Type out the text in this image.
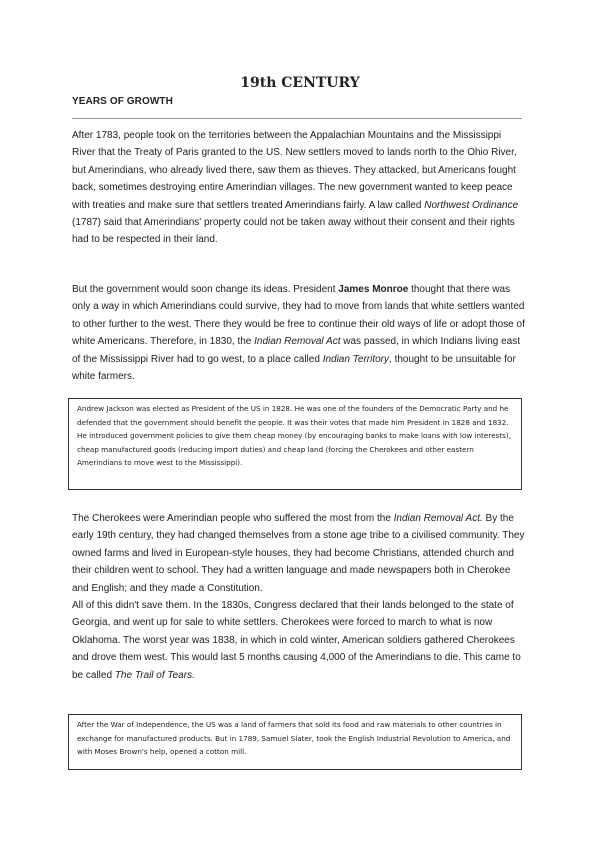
19th CENTURY
YEARS OF GROWTH

After 1783, people took on the territories between the Appalachian Mountains and the Mississippi River that the Treaty of Paris granted to the US. New settlers moved to lands north to the Ohio River, but Amerindians, who already lived there, saw them as thieves. They attacked, but Americans fought back, sometimes destroying entire Amerindian villages. The new government wanted to keep peace with treaties and make sure that settlers treated Amerindians fairly. A law called Northwest Ordinance (1787) said that Amerindians' property could not be taken away without their consent and their rights had to be respected in their land.

But the government would soon change its ideas. President James Monroe thought that there was only a way in which Amerindians could survive, they had to move from lands that white settlers wanted to other further to the west. There they would be free to continue their old ways of life or adopt those of white Americans. Therefore, in 1830, the Indian Removal Act was passed, in which Indians living east of the Mississippi River had to go west, to a place called Indian Territory, thought to be unsuitable for white farmers.

Andrew Jackson was elected as President of the US in 1828. He was one of the founders of the Democratic Party and he defended that the government should benefit the people. It was their votes that made him President in 1828 and 1832. He introduced government policies to give them cheap money (by encouraging banks to make loans with low interests), cheap manufactured goods (reducing import duties) and cheap land (forcing the Cherokees and other eastern Amerindians to move west to the Mississippi).

The Cherokees were Amerindian people who suffered the most from the Indian Removal Act. By the early 19th century, they had changed themselves from a stone age tribe to a civilised community. They owned farms and lived in European-style houses, they had become Christians, attended church and their children went to school. They had a written language and made newspapers both in Cherokee and English; and they made a Constitution.

All of this didn't save them. In the 1830s, Congress declared that their lands belonged to the state of Georgia, and went up for sale to white settlers. Cherokees were forced to march to what is now Oklahoma. The worst year was 1838, in which in cold winter, American soldiers gathered Cherokees and drove them west. This would last 5 months causing 4,000 of the Amerindians to die. This came to be called The Trail of Tears.

After the War of Independence, the US was a land of farmers that sold its food and raw materials to other countries in exchange for manufactured products. But in 1789, Samuel Slater, took the English Industrial Revolution to America, and with Moses Brown's help, opened a cotton mill.
